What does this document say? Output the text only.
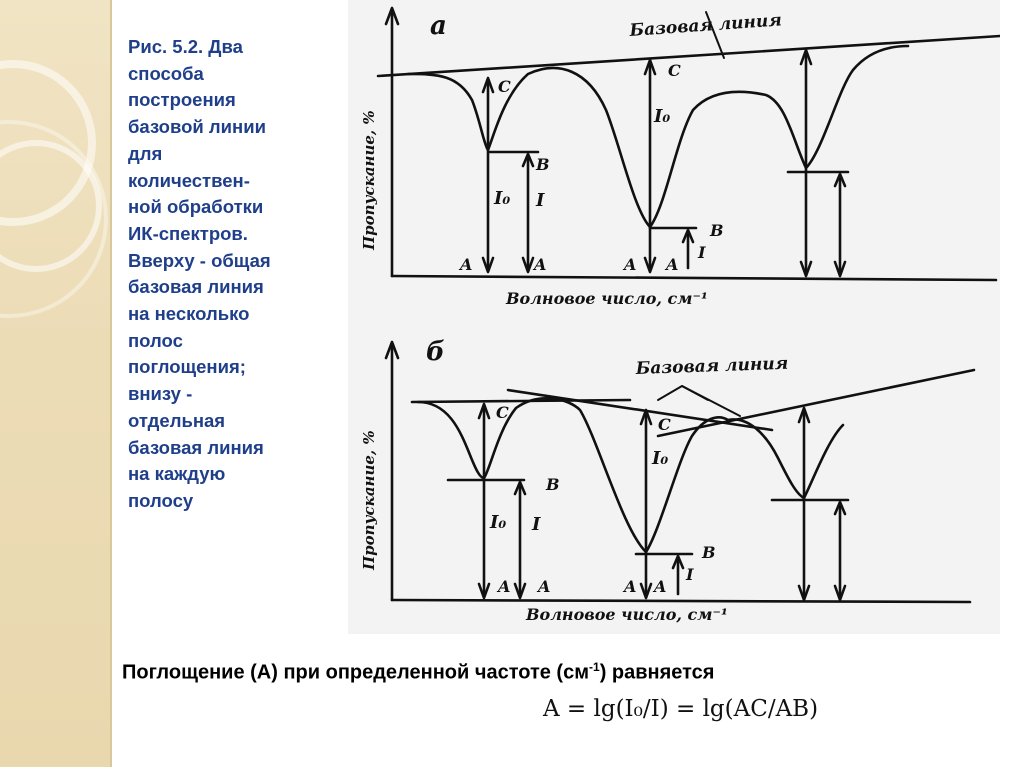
Рис. 5.2. Два
способа
построения
базовой линии
для
количествен-
ной обработки
ИК-спектров.
Вверху - общая
базовая линия
на несколько
полос
поглощения;
внизу -
отдельная
базовая линия
на каждую
полосу
а	Базовая линия
Пропускание, %
Волновое число, см⁻¹
C
C
B
B
I₀
I₀
I
I
A	A	A A
б	Базовая линия
Пропускание, %
Волновое число, см⁻¹
C
C
B
B
I₀
I₀
I
I
A A	A A
Поглощение (А) при определенной частоте $(см^{-1})$ равняется
A = lg(I₀/I) = lg(AC/AB)
